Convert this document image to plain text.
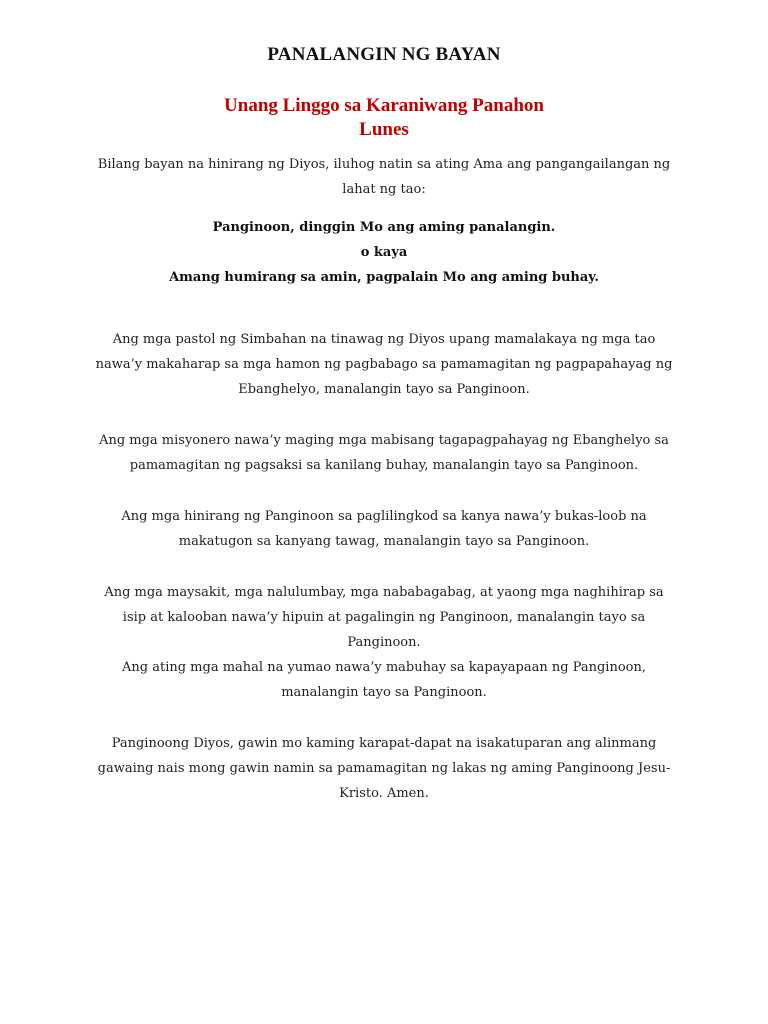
PANALANGIN NG BAYAN
Unang Linggo sa Karaniwang Panahon
Lunes
Bilang bayan na hinirang ng Diyos, iluhog natin sa ating Ama ang pangangailangan ng lahat ng tao:
Panginoon, dinggin Mo ang aming panalangin.
o kaya
Amang humirang sa amin, pagpalain Mo ang aming buhay.
Ang mga pastol ng Simbahan na tinawag ng Diyos upang mamalakaya ng mga tao nawa’y makaharap sa mga hamon ng pagbabago sa pamamagitan ng pagpapahayag ng Ebanghelyo, manalangin tayo sa Panginoon.
Ang mga misyonero nawa’y maging mga mabisang tagapagpahayag ng Ebanghelyo sa pamamagitan ng pagsaksi sa kanilang buhay, manalangin tayo sa Panginoon.
Ang mga hinirang ng Panginoon sa paglilingkod sa kanya nawa’y bukas-loob na makatugon sa kanyang tawag, manalangin tayo sa Panginoon.
Ang mga maysakit, mga nalulumbay, mga nababagabag, at yaong mga naghihirap sa isip at kalooban nawa’y hipuin at pagalingin ng Panginoon, manalangin tayo sa Panginoon.
Ang ating mga mahal na yumao nawa’y mabuhay sa kapayapaan ng Panginoon, manalangin tayo sa Panginoon.
Panginoong Diyos, gawin mo kaming karapat-dapat na isakatuparan ang alinmang gawaing nais mong gawin namin sa pamamagitan ng lakas ng aming Panginoong Jesu-Kristo. Amen.
